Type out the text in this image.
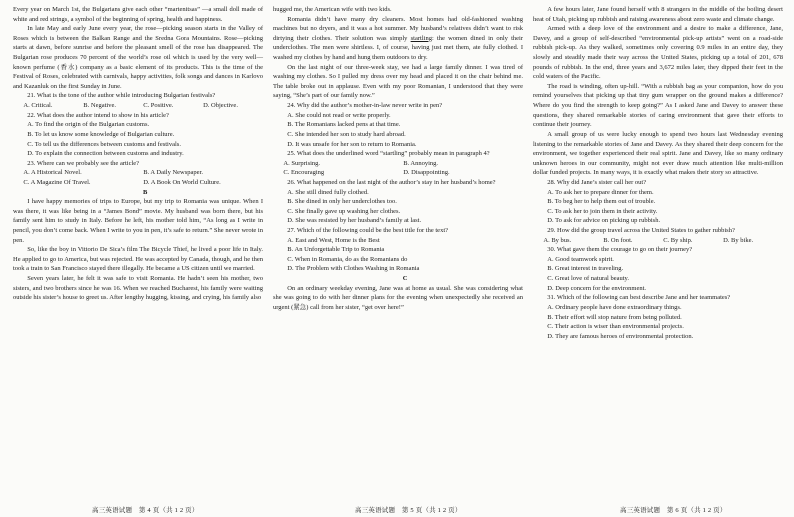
Every year on March 1st, the Bulgarians give each other “martenitsas” —a small doll made of white and red strings, a symbol of the beginning of spring, health and happiness.

In late May and early June every year, the rose—picking season starts in the Valley of Roses which is between the Balkan Range and the Sredna Gora Mountains. Rose—picking starts at dawn, before sunrise and before the pleasant smell of the rose has disappeared. The Bulgarian rose produces 70 percent of the world’s rose oil which is used by the very well—known perfume (香水) company as a basic element of its products. This is the time of the Festival of Roses, celebrated with carnivals, happy activities, folk songs and dances in Karlovo and Kazanluk on the first Sunday in June.

21. What is the tone of the author while introducing Bulgarian festivals?

A. Critical.	B. Negative.	C. Positive.	D. Objective.

22. What does the author intend to show in his article?

A. To find the origin of the Bulgarian customs.

B. To let us know some knowledge of Bulgarian culture.

C. To tell us the differences between customs and festivals.

D. To explain the connection between customs and industry.

23. Where can we probably see the article?

A. A Historical Novel.	B. A Daily Newspaper.
C. A Magazine Of Travel.	D. A Book On World Culture.

B

I have happy memories of trips to Europe, but my trip to Romania was unique. When I was there, it was like being in a “James Bond” movie. My husband was born there, but his family sent him to study in Italy. Before he left, his mother told him, “As long as I write in pencil, you don’t come back. When I write to you in pen, it’s safe to return.” She never wrote in pen.

So, like the boy in Vittorio De Sica’s film The Bicycle Thief, he lived a poor life in Italy. He applied to go to America, but was rejected. He was accepted by Canada, though, and he then took a train to San Francisco stayed there illegally. He became a US citizen until we married.

Seven years later, he felt it was safe to visit Romania. He hadn’t seen his mother, two sisters, and two brothers since he was 16. When we reached Bucharest, his family were waiting outside his sister’s house to greet us. After lengthy hugging, kissing, and crying, his family also

hugged me, the American wife with two kids.

Romania didn’t have many dry cleaners. Most homes had old-fashioned washing machines but no dryers, and it was a hot summer. My husband’s relatives didn’t want to risk dirtying their clothes. Their solution was simply startling: the women dined in only their underclothes. The men were shirtless. I, of course, having just met them, ate fully clothed. I washed my clothes by hand and hung them outdoors to dry.

On the last night of our three-week stay, we had a large family dinner. I was tired of washing my clothes. So I pulled my dress over my head and placed it on the chair behind me. The table broke out in applause. Even with my poor Romanian, I understood that they were saying, “She’s part of our family now.”

24. Why did the author’s mother-in-law never write in pen?

A. She could not read or write properly.

B. The Romanians lacked pens at that time.

C. She intended her son to study hard abroad.

D. It was unsafe for her son to return to Romania.

25. What does the underlined word “startling” probably mean in paragraph 4?

A. Surprising.	B. Annoying.
C. Encouraging	D. Disappointing.

26. What happened on the last night of the author’s stay in her husband’s home?

A. She still dined fully clothed.

B. She dined in only her underclothes too.

C. She finally gave up washing her clothes.

D. She was resisted by her husband’s family at last.

27. Which of the following could be the best title for the text?

A. East and West, Home is the Best

B. An Unforgettable Trip to Romania

C. When in Romania, do as the Romanians do

D. The Problem with Clothes Washing in Romania

C

On an ordinary weekday evening, Jane was at home as usual. She was considering what she was going to do with her dinner plans for the evening when unexpectedly she received an urgent (紧急) call from her sister, “get over here!”

A few hours later, Jane found herself with 8 strangers in the middle of the boiling desert heat of Utah, picking up rubbish and raising awareness about zero waste and climate change.

Armed with a deep love of the environment and a desire to make a difference, Jane, Davey, and a group of self-described “environmental pick-up artists” went on a road-side rubbish pick-up. As they walked, sometimes only covering 0.9 miles in an entire day, they slowly and steadily made their way across the United States, picking up a total of 201, 678 pounds of rubbish. In the end, three years and 3,672 miles later, they dipped their feet in the cold waters of the Pacific.

The road is winding, often up-hill. “With a rubbish bag as your companion, how do you remind yourselves that picking up that tiny gum wrapper on the ground makes a difference? Where do you find the strength to keep going?” As I asked Jane and Davey to answer these questions, they shared remarkable stories of caring environment that gave their efforts to continue their journey.

A small group of us were lucky enough to spend two hours last Wednesday evening listening to the remarkable stories of Jane and Davey. As they shared their deep concern for the environment, we together experienced their real spirit. Jane and Davey, like so many ordinary unknown heroes in our community, might not ever draw much attention like multi-million dollar funded projects. In many ways, it is exactly what makes their story so attractive.

28. Why did Jane’s sister call her out?

A. To ask her to prepare dinner for them.

B. To beg her to help them out of trouble.

C. To ask her to join them in their activity.

D. To ask for advice on picking up rubbish.

29. How did the group travel across the United States to gather rubbish?

A. By bus.	B. On foot.	C. By ship.	D. By bike.

30. What gave them the courage to go on their journey?

A. Good teamwork spirit.

B. Great interest in traveling.

C. Great love of natural beauty.

D. Deep concern for the environment.

31. Which of the following can best describe Jane and her teammates?

A. Ordinary people have done extraordinary things.

B. Their effort will stop nature from being polluted.

C. Their action is wiser than environmental projects.

D. They are famous heroes of environmental protection.

高三英语试题　第 4 页（共 1 2 页）	高三英语试题　第 5 页（共 1 2 页）	高三英语试题　第 6 页（共 1 2 页）
